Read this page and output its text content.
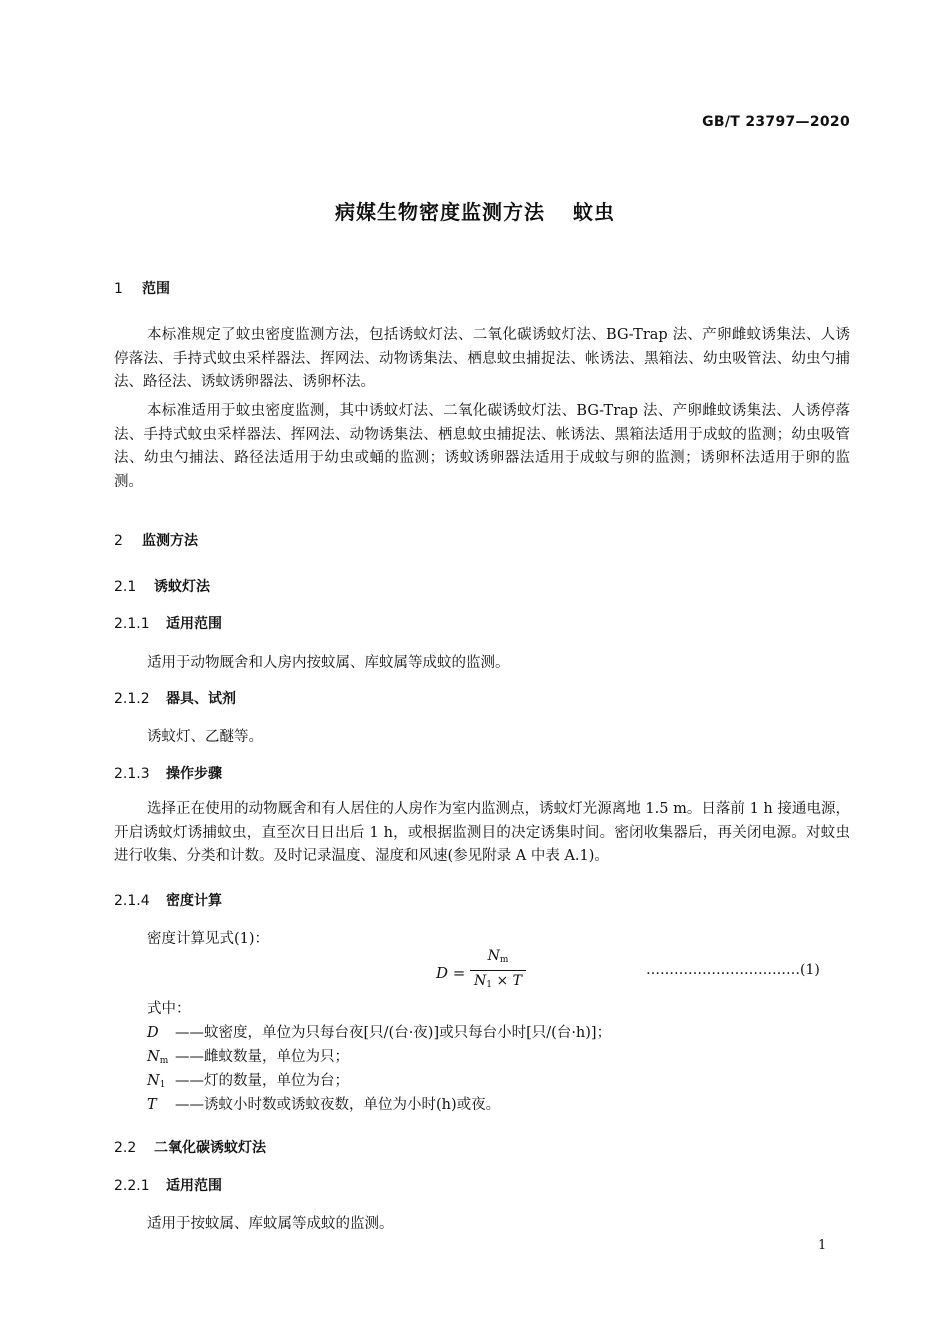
GB/T 23797—2020
病媒生物密度监测方法 蚊虫
1 范围
本标准规定了蚊虫密度监测方法，包括诱蚊灯法、二氧化碳诱蚊灯法、BG-Trap 法、产卵雌蚊诱集法、人诱停落法、手持式蚊虫采样器法、挥网法、动物诱集法、栖息蚊虫捕捉法、帐诱法、黑箱法、幼虫吸管法、幼虫勺捕法、路径法、诱蚊诱卵器法、诱卵杯法。
本标准适用于蚊虫密度监测，其中诱蚊灯法、二氧化碳诱蚊灯法、BG-Trap 法、产卵雌蚊诱集法、人诱停落法、手持式蚊虫采样器法、挥网法、动物诱集法、栖息蚊虫捕捉法、帐诱法、黑箱法适用于成蚊的监测；幼虫吸管法、幼虫勺捕法、路径法适用于幼虫或蛹的监测；诱蚊诱卵器法适用于成蚊与卵的监测；诱卵杯法适用于卵的监测。
2 监测方法
2.1 诱蚊灯法
2.1.1 适用范围
适用于动物厩舍和人房内按蚊属、库蚊属等成蚊的监测。
2.1.2 器具、试剂
诱蚊灯、乙醚等。
2.1.3 操作步骤
选择正在使用的动物厩舍和有人居住的人房作为室内监测点，诱蚊灯光源离地 1.5 m。日落前 1 h 接通电源，开启诱蚊灯诱捕蚊虫，直至次日日出后 1 h，或根据监测目的决定诱集时间。密闭收集器后，再关闭电源。对蚊虫进行收集、分类和计数。及时记录温度、湿度和风速(参见附录 A 中表 A.1)。
2.1.4 密度计算
密度计算见式(1)：
D =
$N_m$
$N_1 \times T$
……………………………(1)
式中：
D ——蚊密度，单位为只每台夜[只/(台·夜)]或只每台小时[只/(台·h)]；
$N_m$ ——雌蚊数量，单位为只；
$N_1$ ——灯的数量，单位为台；
T ——诱蚊小时数或诱蚊夜数，单位为小时(h)或夜。
2.2 二氧化碳诱蚊灯法
2.2.1 适用范围
适用于按蚊属、库蚊属等成蚊的监测。
1
